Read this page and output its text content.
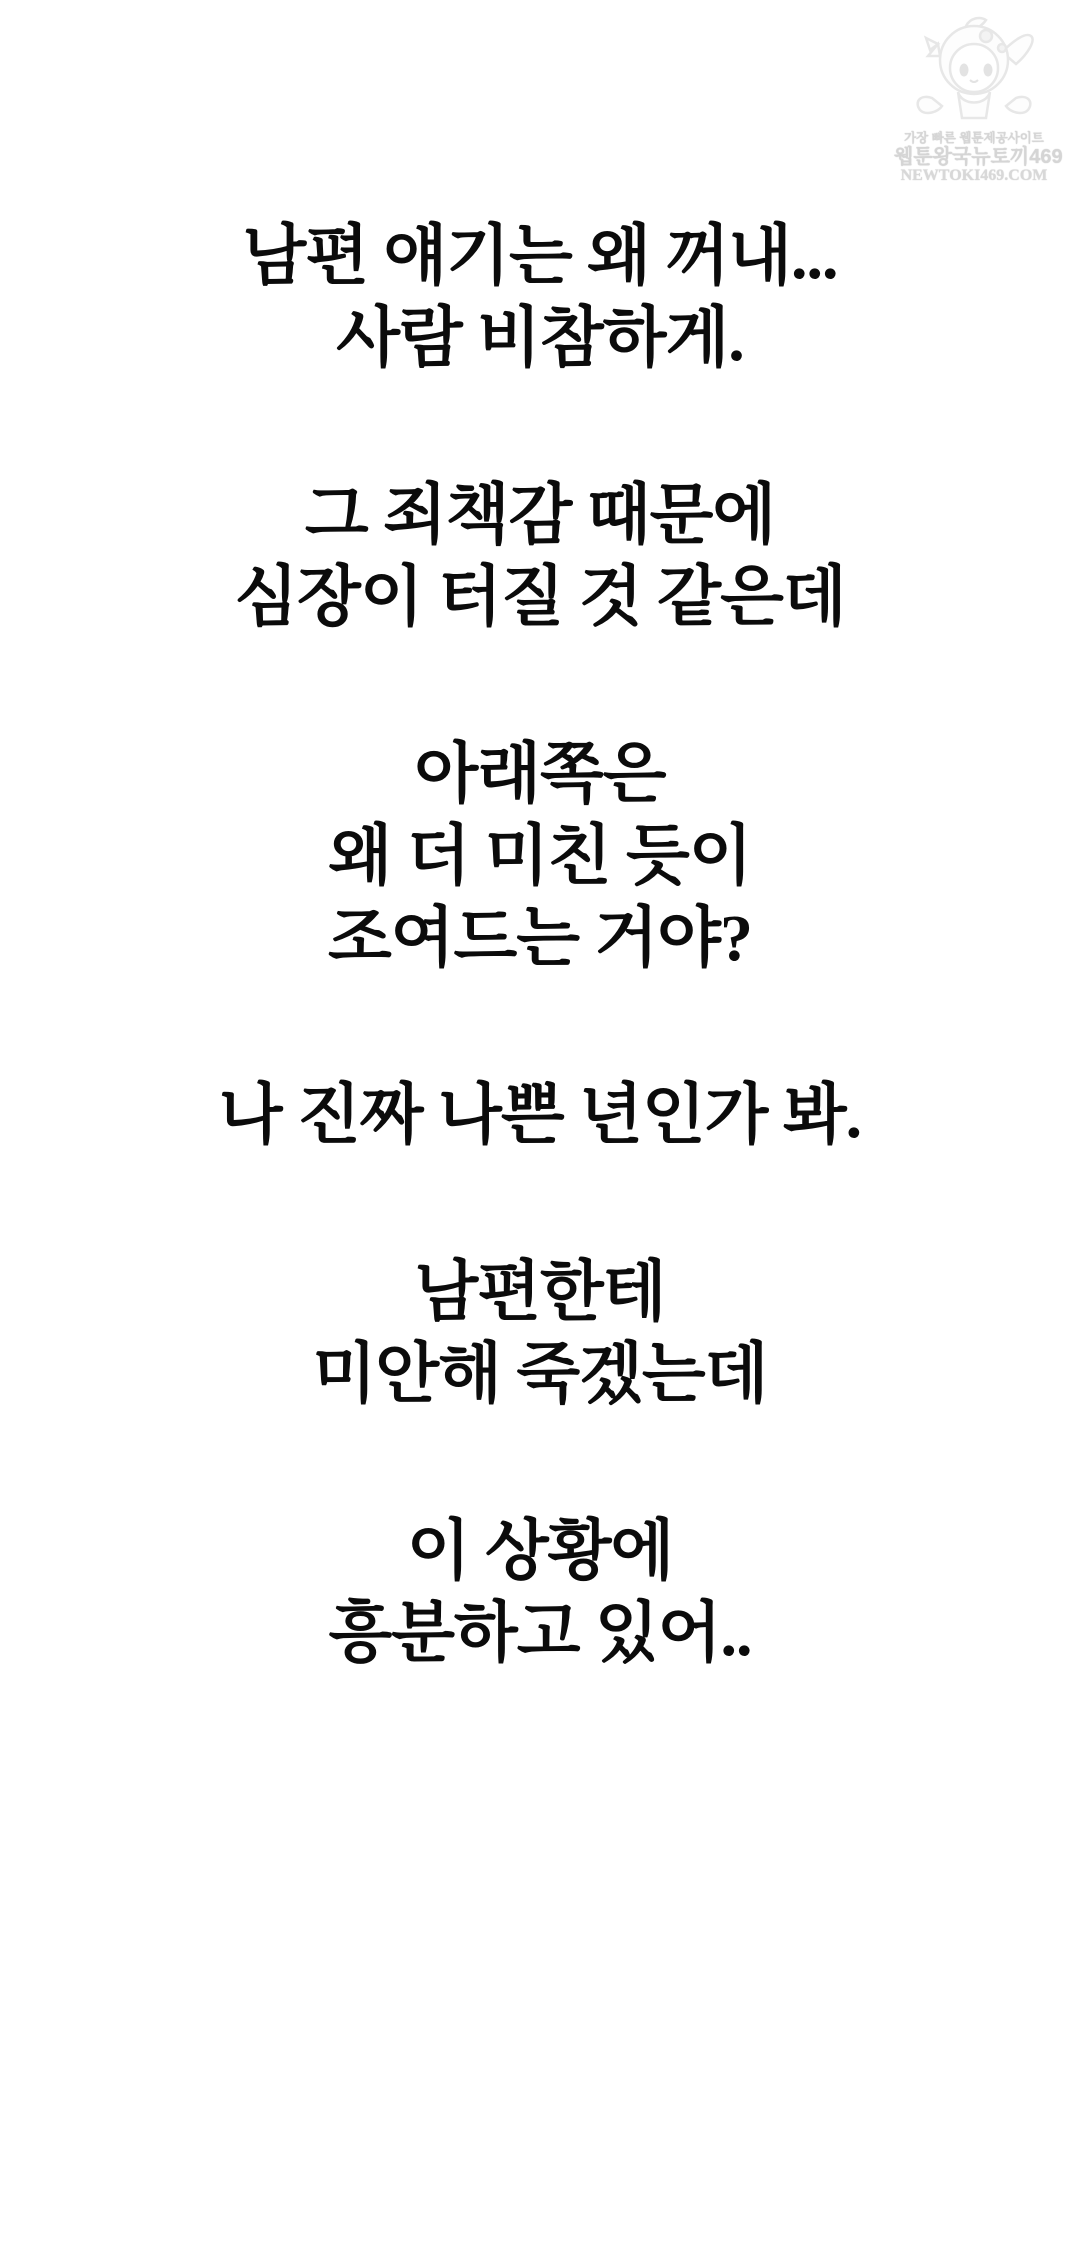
가장 빠른 웹툰제공사이트
웹툰왕국뉴토끼469
NEWTOKI469.COM

남편 얘기는 왜 꺼내...
사람 비참하게.

그 죄책감 때문에
심장이 터질 것 같은데

아래쪽은
왜 더 미친 듯이
조여드는 거야?

나 진짜 나쁜 년인가 봐.

남편한테
미안해 죽겠는데

이 상황에
흥분하고 있어..
